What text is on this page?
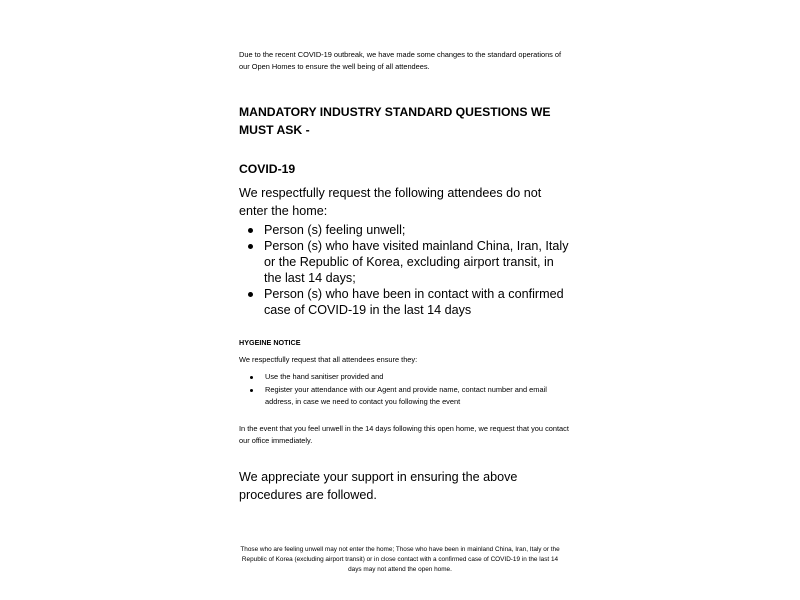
Due to the recent COVID-19 outbreak, we have made some changes to the standard operations of our Open Homes to ensure the well being of all attendees.

MANDATORY INDUSTRY STANDARD QUESTIONS WE MUST ASK -

COVID-19

We respectfully request the following attendees do not enter the home:

Person (s) feeling unwell;
Person (s) who have visited mainland China, Iran, Italy or the Republic of Korea, excluding airport transit, in the last 14 days;
Person (s) who have been in contact with a confirmed case of COVID-19 in the last 14 days

HYGEINE NOTICE

We respectfully request that all attendees ensure they:

Use the hand sanitiser provided and
Register your attendance with our Agent and provide name, contact number and email address, in case we need to contact you following the event

In the event that you feel unwell in the 14 days following this open home, we request that you contact our office immediately.

We appreciate your support in ensuring the above procedures are followed.

Those who are feeling unwell may not enter the home; Those who have been in mainland China, Iran, Italy or the Republic of Korea (excluding airport transit) or in close contact with a confirmed case of COVID-19 in the last 14 days may not attend the open home.
